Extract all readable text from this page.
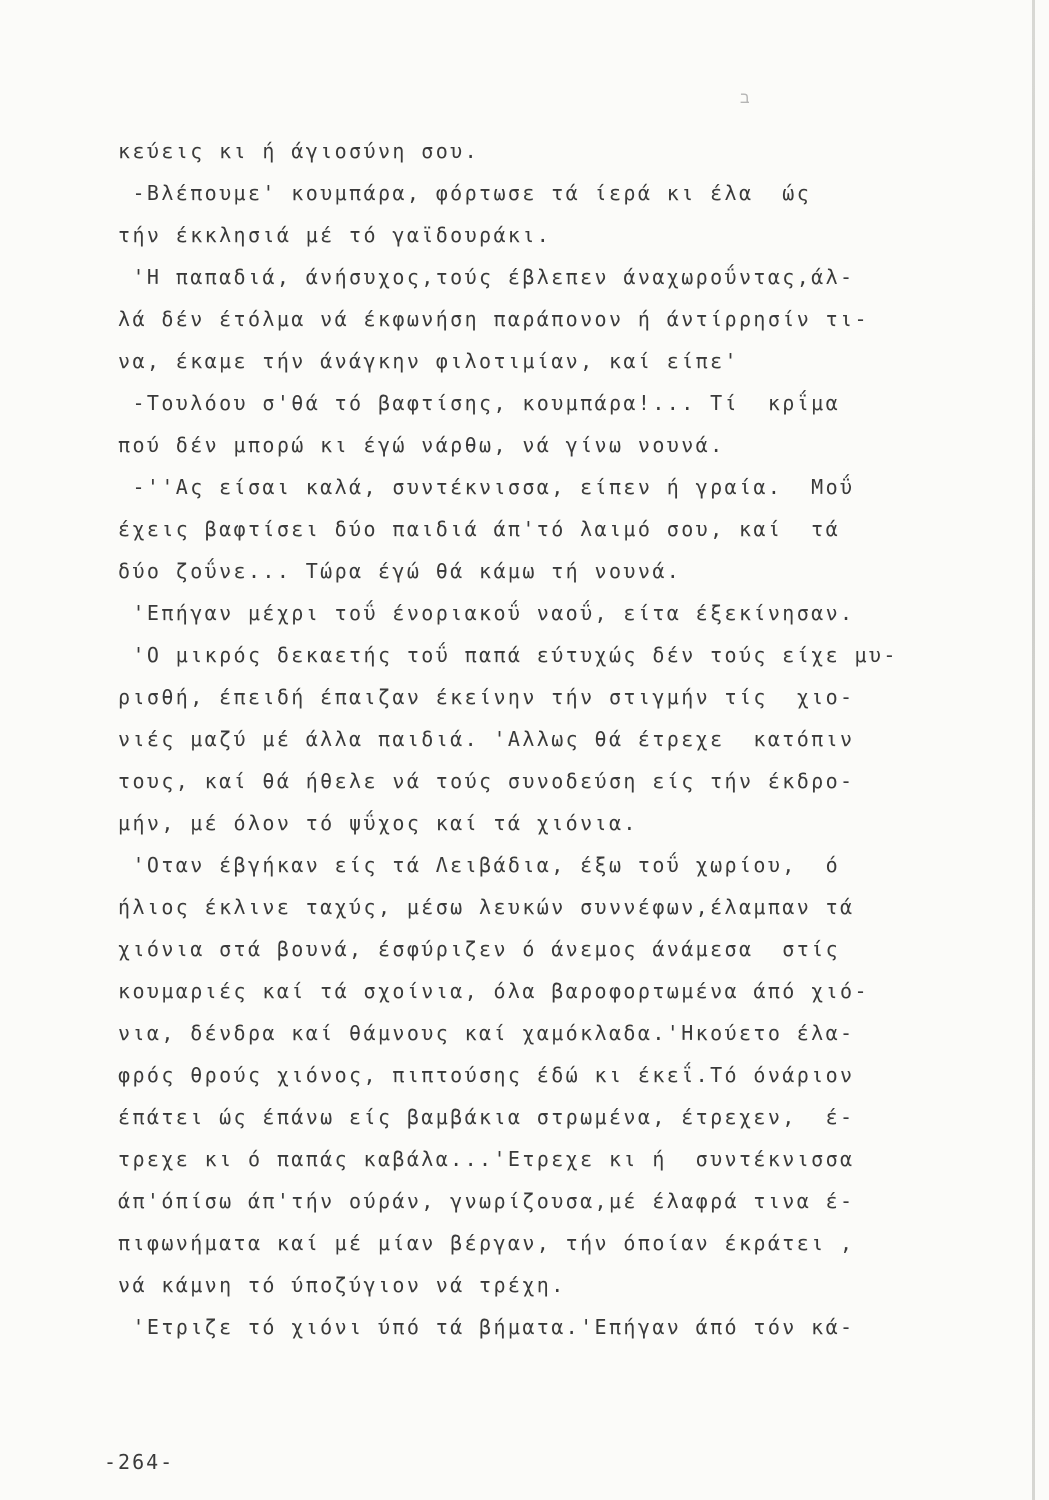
ב
κεύεις κι ή άγιοσύνη σου.
-Βλέπουμε' κουμπάρα, φόρτωσε τά ίερά κι έλα  ώς
τήν έκκλησιά μέ τό γαϊδουράκι.
'Η παπαδιά, άνήσυχος,τούς έβλεπεν άναχωροΰντας,άλ-
λά δέν έτόλμα νά έκφωνήση παράπονον ή άντίρρησίν τι-
να, έκαμε τήν άνάγκην φιλοτιμίαν, καί είπε'
-Τουλόου σ'θά τό βαφτίσης, κουμπάρα!... Τί  κρΐμα
πού δέν μπορώ κι έγώ νάρθω, νά γίνω νουνά.
-''Ας είσαι καλά, συντέκνισσα, είπεν ή γραία.  Μοΰ
έχεις βαφτίσει δύο παιδιά άπ'τό λαιμό σου, καί  τά
δύο ζοΰνε... Τώρα έγώ θά κάμω τή νουνά.
'Επήγαν μέχρι τοΰ ένοριακοΰ ναοΰ, είτα έξεκίνησαν.
'Ο μικρός δεκαετής τοΰ παπά εύτυχώς δέν τούς είχε μυ-
ρισθή, έπειδή έπαιζαν έκείνην τήν στιγμήν τίς  χιο-
νιές μαζύ μέ άλλα παιδιά. 'Αλλως θά έτρεχε  κατόπιν
τους, καί θά ήθελε νά τούς συνοδεύση είς τήν έκδρο-
μήν, μέ όλον τό ψΰχος καί τά χιόνια.
'Οταν έβγήκαν είς τά Λειβάδια, έξω τοΰ χωρίου,  ό
ήλιος έκλινε ταχύς, μέσω λευκών συννέφων,έλαμπαν τά
χιόνια στά βουνά, έσφύριζεν ό άνεμος άνάμεσα  στίς
κουμαριές καί τά σχοίνια, όλα βαροφορτωμένα άπό χιό-
νια, δένδρα καί θάμνους καί χαμόκλαδα.'Ηκούετο έλα-
φρός θρούς χιόνος, πιπτούσης έδώ κι έκεΐ.Τό όνάριον
έπάτει ώς έπάνω είς βαμβάκια στρωμένα, έτρεχεν,  έ-
τρεχε κι ό παπάς καβάλα...'Ετρεχε κι ή  συντέκνισσα
άπ'όπίσω άπ'τήν ούράν, γνωρίζουσα,μέ έλαφρά τινα έ-
πιφωνήματα καί μέ μίαν βέργαν, τήν όποίαν έκράτει ,
νά κάμνη τό ύποζύγιον νά τρέχη.
'Ετριζε τό χιόνι ύπό τά βήματα.'Επήγαν άπό τόν κά-
-264-
